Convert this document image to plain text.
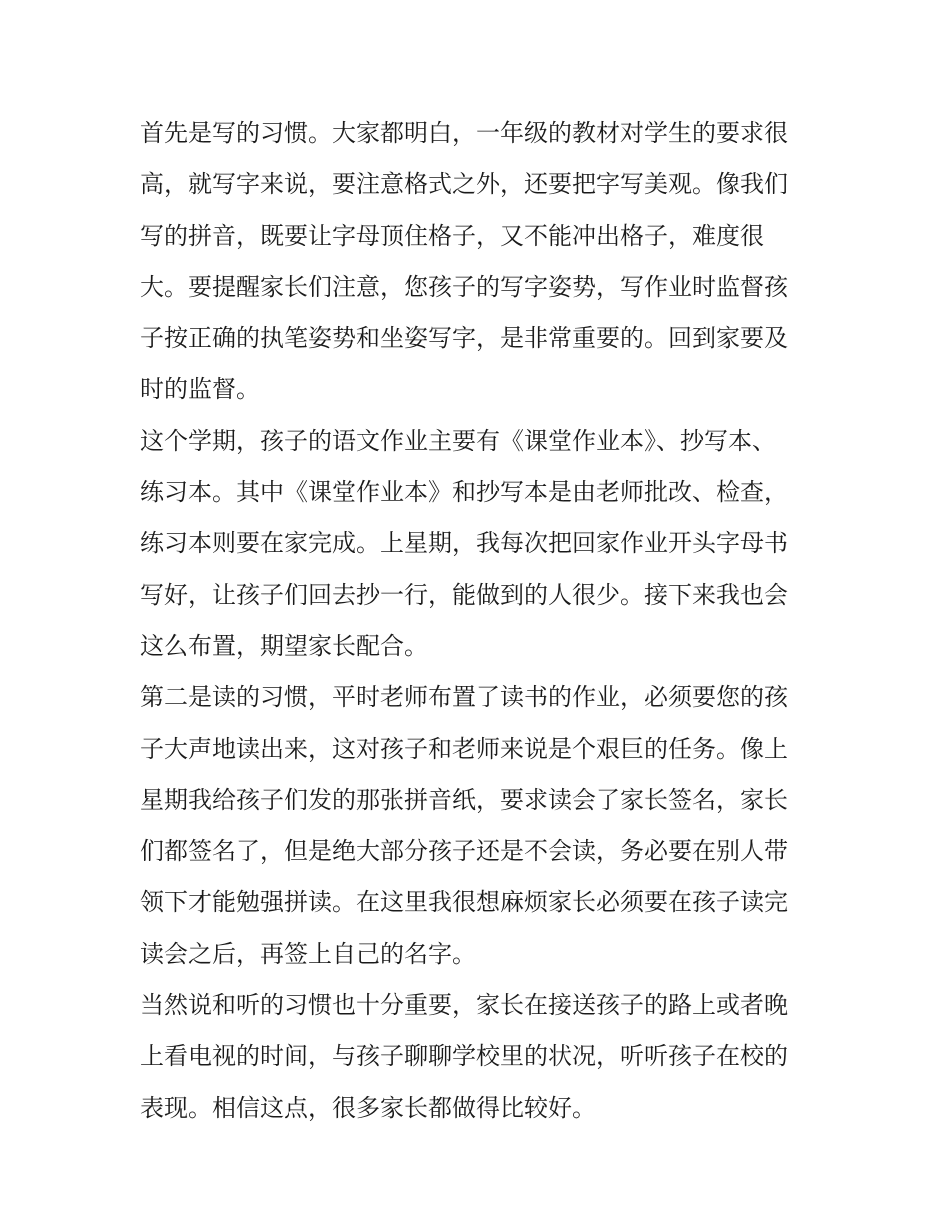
首先是写的习惯。大家都明白，一年级的教材对学生的要求很
高，就写字来说，要注意格式之外，还要把字写美观。像我们
写的拼音，既要让字母顶住格子，又不能冲出格子，难度很
大。要提醒家长们注意，您孩子的写字姿势，写作业时监督孩
子按正确的执笔姿势和坐姿写字，是非常重要的。回到家要及
时的监督。
这个学期，孩子的语文作业主要有《课堂作业本》、抄写本、
练习本。其中《课堂作业本》和抄写本是由老师批改、检查，
练习本则要在家完成。上星期，我每次把回家作业开头字母书
写好，让孩子们回去抄一行，能做到的人很少。接下来我也会
这么布置，期望家长配合。
第二是读的习惯，平时老师布置了读书的作业，必须要您的孩
子大声地读出来，这对孩子和老师来说是个艰巨的任务。像上
星期我给孩子们发的那张拼音纸，要求读会了家长签名，家长
们都签名了，但是绝大部分孩子还是不会读，务必要在别人带
领下才能勉强拼读。在这里我很想麻烦家长必须要在孩子读完
读会之后，再签上自己的名字。
当然说和听的习惯也十分重要，家长在接送孩子的路上或者晚
上看电视的时间，与孩子聊聊学校里的状况，听听孩子在校的
表现。相信这点，很多家长都做得比较好。
